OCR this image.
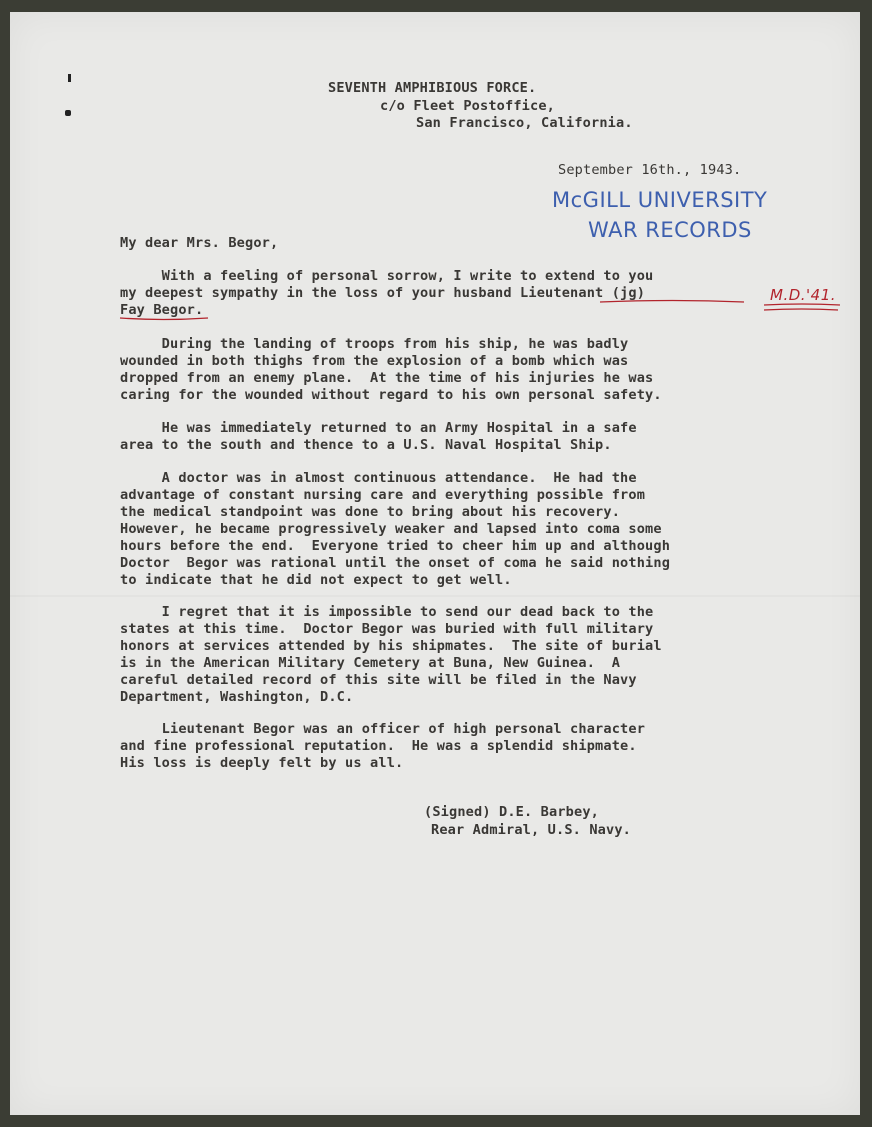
SEVENTH AMPHIBIOUS FORCE.
c/o Fleet Postoffice,
San Francisco, California.
September 16th., 1943.
McGILL UNIVERSITY
WAR RECORDS
M.D.'41.
My dear Mrs. Begor,
With a feeling of personal sorrow, I write to extend to you
my deepest sympathy in the loss of your husband Lieutenant (jg)
Fay Begor.
During the landing of troops from his ship, he was badly
wounded in both thighs from the explosion of a bomb which was
dropped from an enemy plane.  At the time of his injuries he was
caring for the wounded without regard to his own personal safety.
He was immediately returned to an Army Hospital in a safe
area to the south and thence to a U.S. Naval Hospital Ship.
A doctor was in almost continuous attendance.  He had the
advantage of constant nursing care and everything possible from
the medical standpoint was done to bring about his recovery.
However, he became progressively weaker and lapsed into coma some
hours before the end.  Everyone tried to cheer him up and although
Doctor  Begor was rational until the onset of coma he said nothing
to indicate that he did not expect to get well.
I regret that it is impossible to send our dead back to the
states at this time.  Doctor Begor was buried with full military
honors at services attended by his shipmates.  The site of burial
is in the American Military Cemetery at Buna, New Guinea.  A
careful detailed record of this site will be filed in the Navy
Department, Washington, D.C.
Lieutenant Begor was an officer of high personal character
and fine professional reputation.  He was a splendid shipmate.
His loss is deeply felt by us all.
(Signed) D.E. Barbey,
Rear Admiral, U.S. Navy.
